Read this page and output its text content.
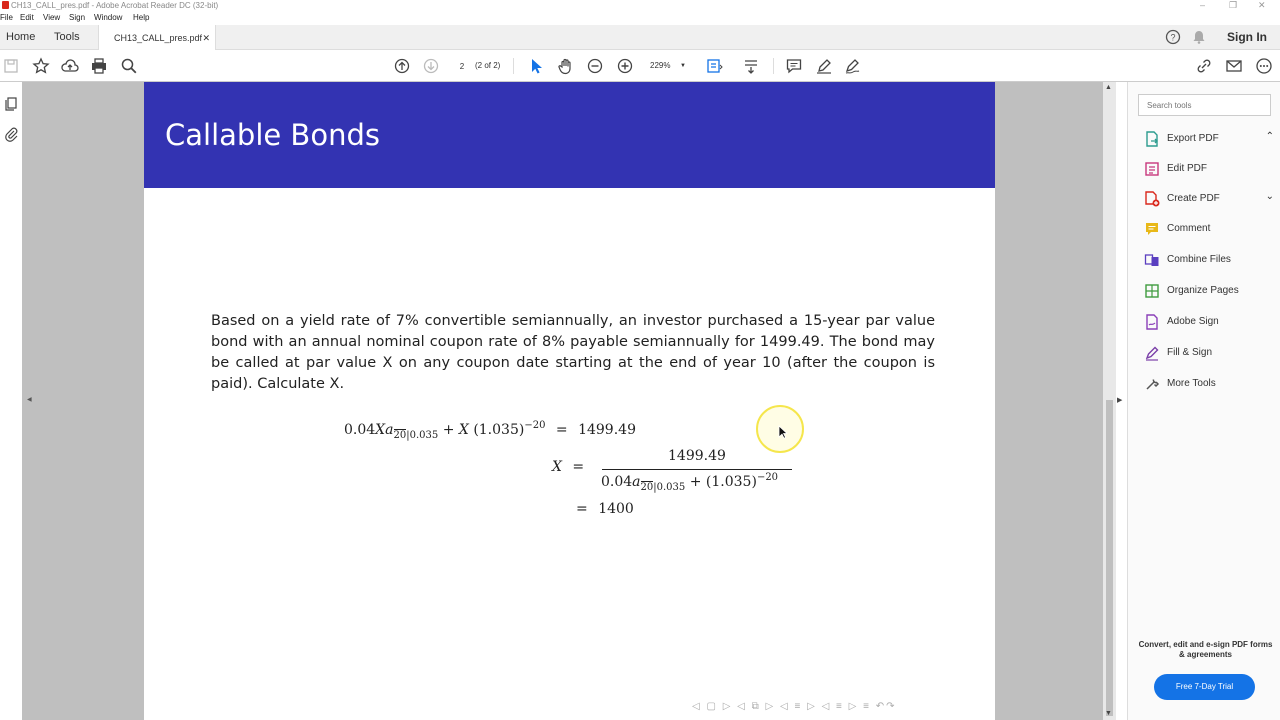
CH13_CALL_pres.pdf - Adobe Acrobat Reader DC (32-bit)	–	❐ ✕
File Edit View Sign Window Help
Home Tools	CH13_CALL_pres.pdf ✕	?	Sign In
2
(2 of 2)	229% ▼
◀
Callable Bonds
Based on a yield rate of 7% convertible semiannually, an investor purchased a 15-year par value bond with an annual nominal coupon rate of 8% payable semiannually for 1499.49. The bond may be called at par value X on any coupon date starting at the end of year 10 (after the coupon is paid). Calculate X.
$0.04Xa_{20|0.035} + X$ $(1.035)^{-20} = 1499.49$
X =
1499.49
$0.04a_{20|0.035} + (1.035)^{-20}$
= 1400
◁ ▢ ▷ ◁ ⧉ ▷ ◁ ≡ ▷ ◁ ≡ ▷ ≡ ↶↷
▲
▼
▶
Search tools
Export PDF	⌃
Edit PDF
Create PDF	⌄
Comment
Combine Files
Organize Pages
Adobe Sign
Fill & Sign
More Tools
Convert, edit and e-sign PDF forms & agreements
Free 7-Day Trial
